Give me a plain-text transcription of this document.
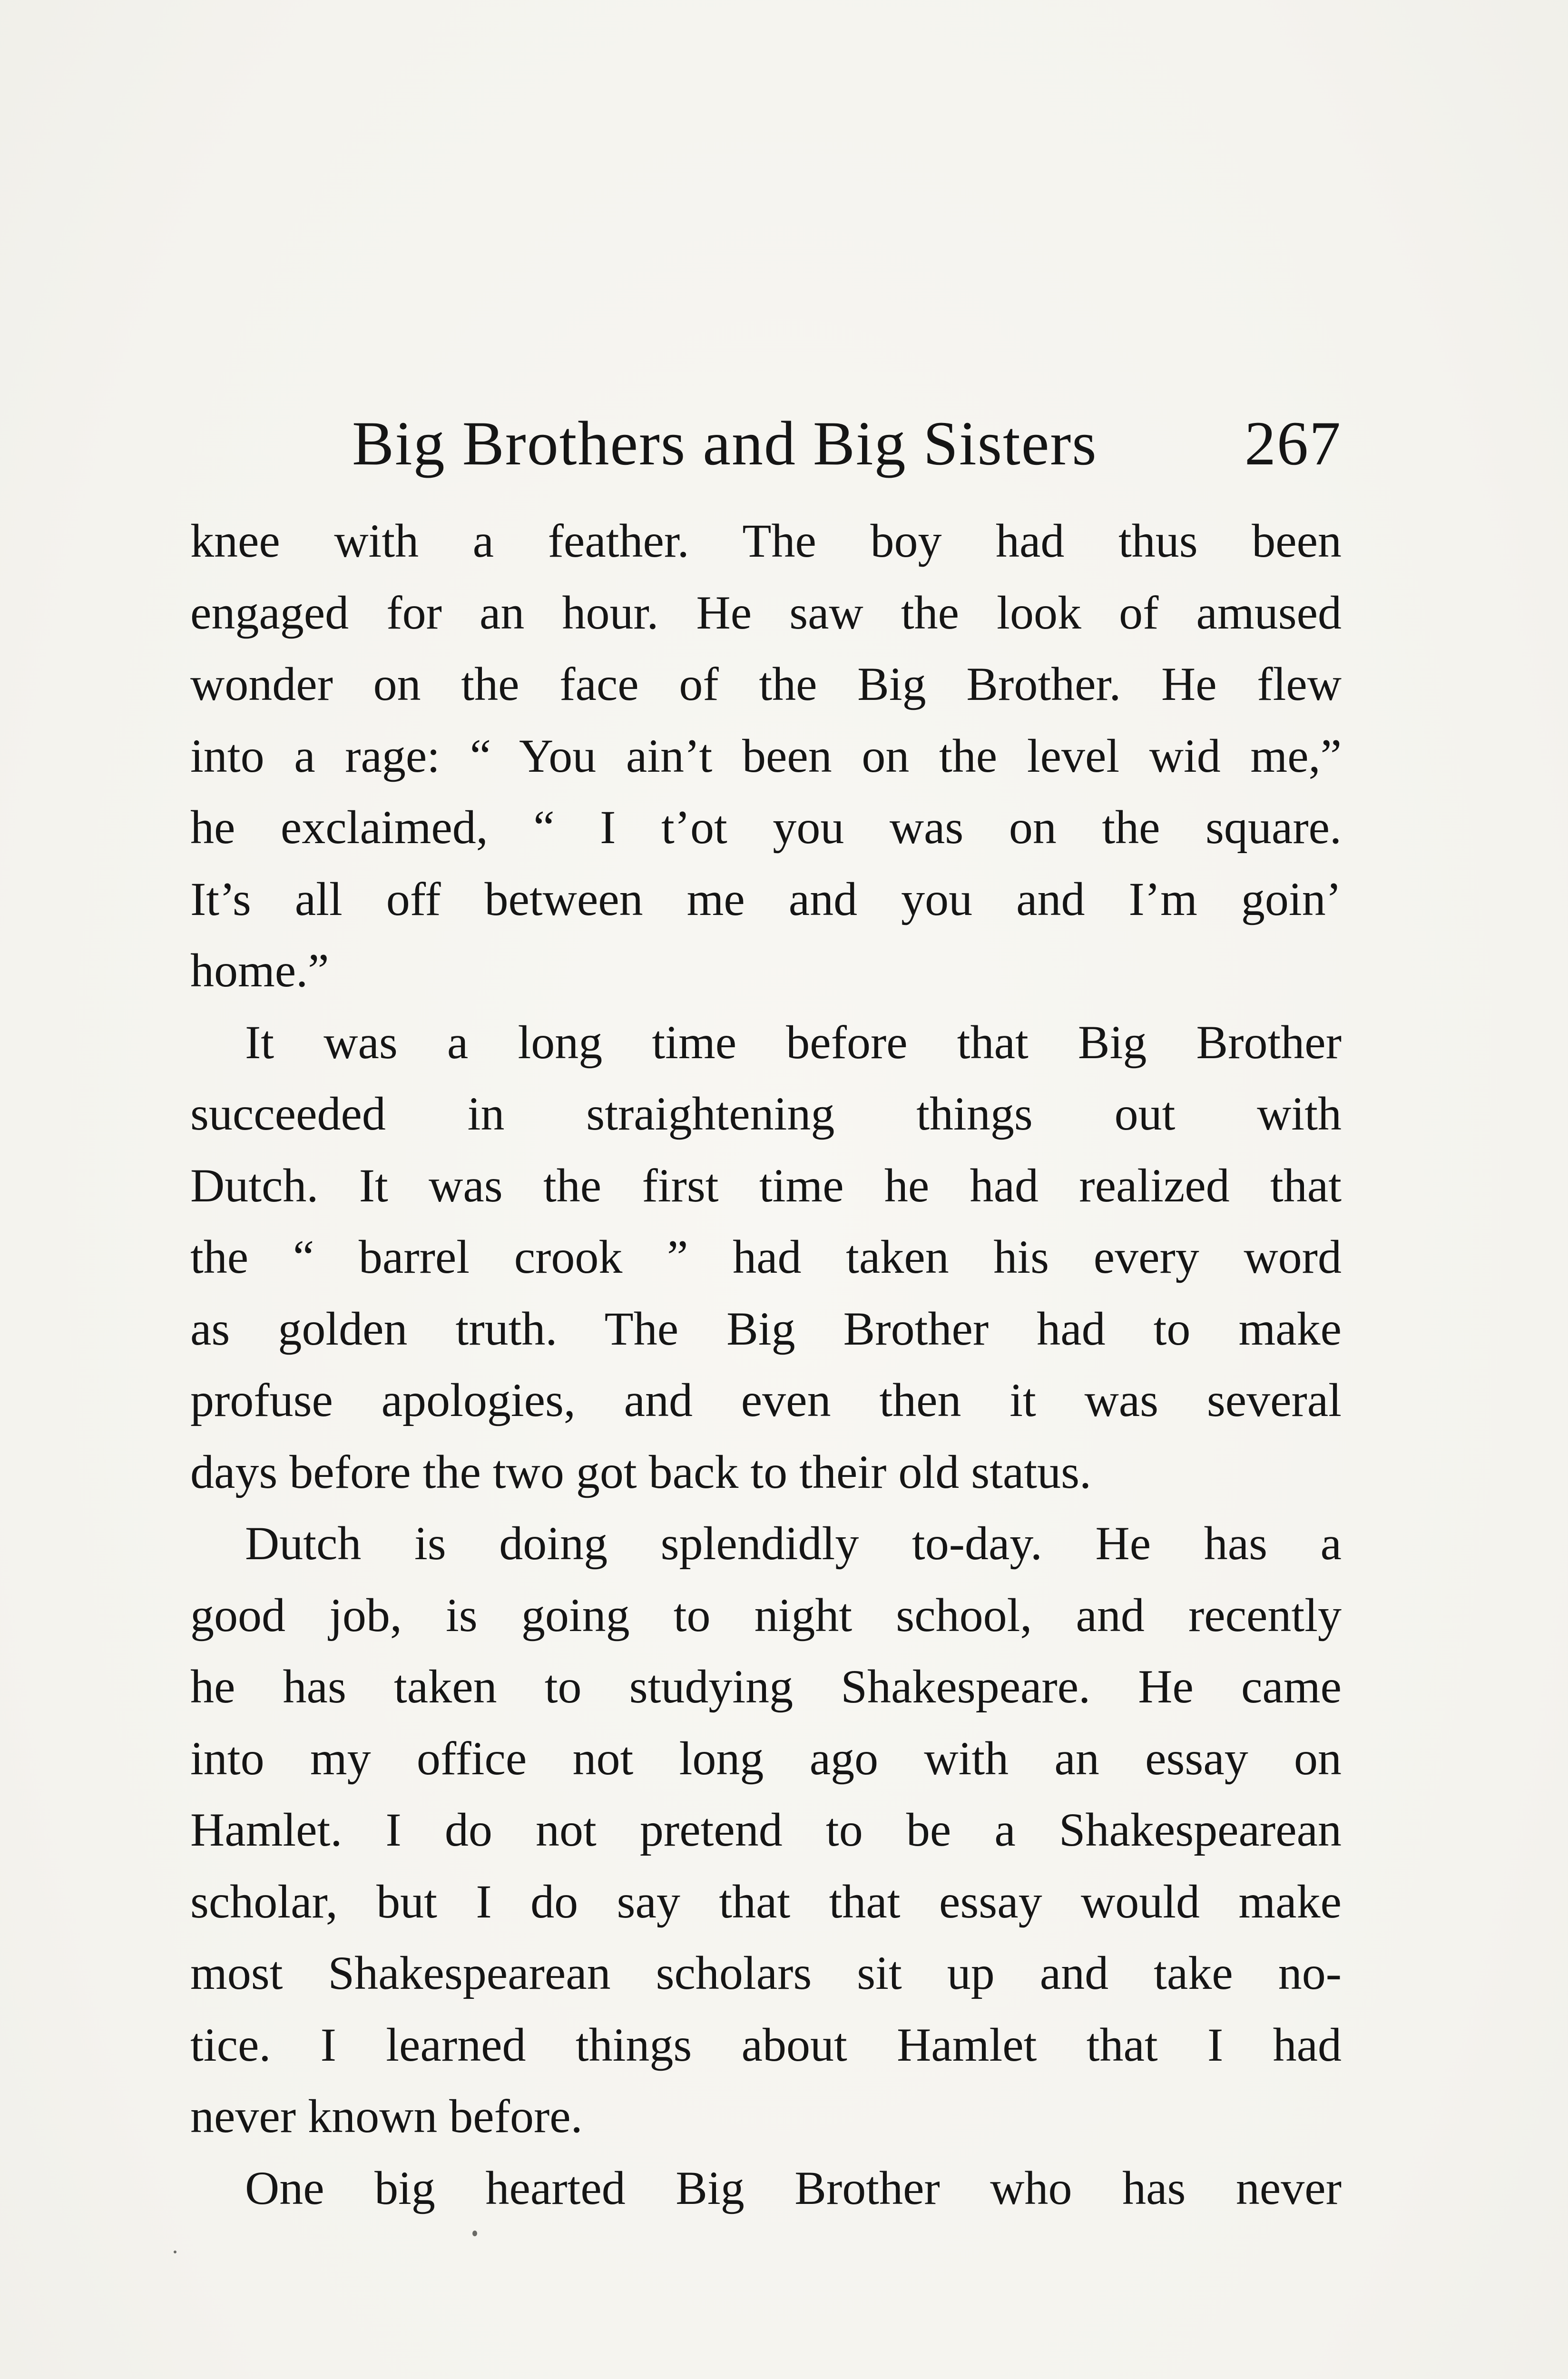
Big Brothers and Big Sisters 267
knee with a feather. The boy had thus been
engaged for an hour. He saw the look of amused
wonder on the face of the Big Brother. He flew
into a rage: “ You ain’t been on the level wid me,”
he exclaimed, “ I t’ot you was on the square.
It’s all off between me and you and I’m goin’
home.”
It was a long time before that Big Brother
succeeded in straightening things out with
Dutch. It was the first time he had realized that
the “ barrel crook ” had taken his every word
as golden truth. The Big Brother had to make
profuse apologies, and even then it was several
days before the two got back to their old status.
Dutch is doing splendidly to-day. He has a
good job, is going to night school, and recently
he has taken to studying Shakespeare. He came
into my office not long ago with an essay on
Hamlet. I do not pretend to be a Shakespearean
scholar, but I do say that that essay would make
most Shakespearean scholars sit up and take no-
tice. I learned things about Hamlet that I had
never known before.
One big hearted Big Brother who has never
